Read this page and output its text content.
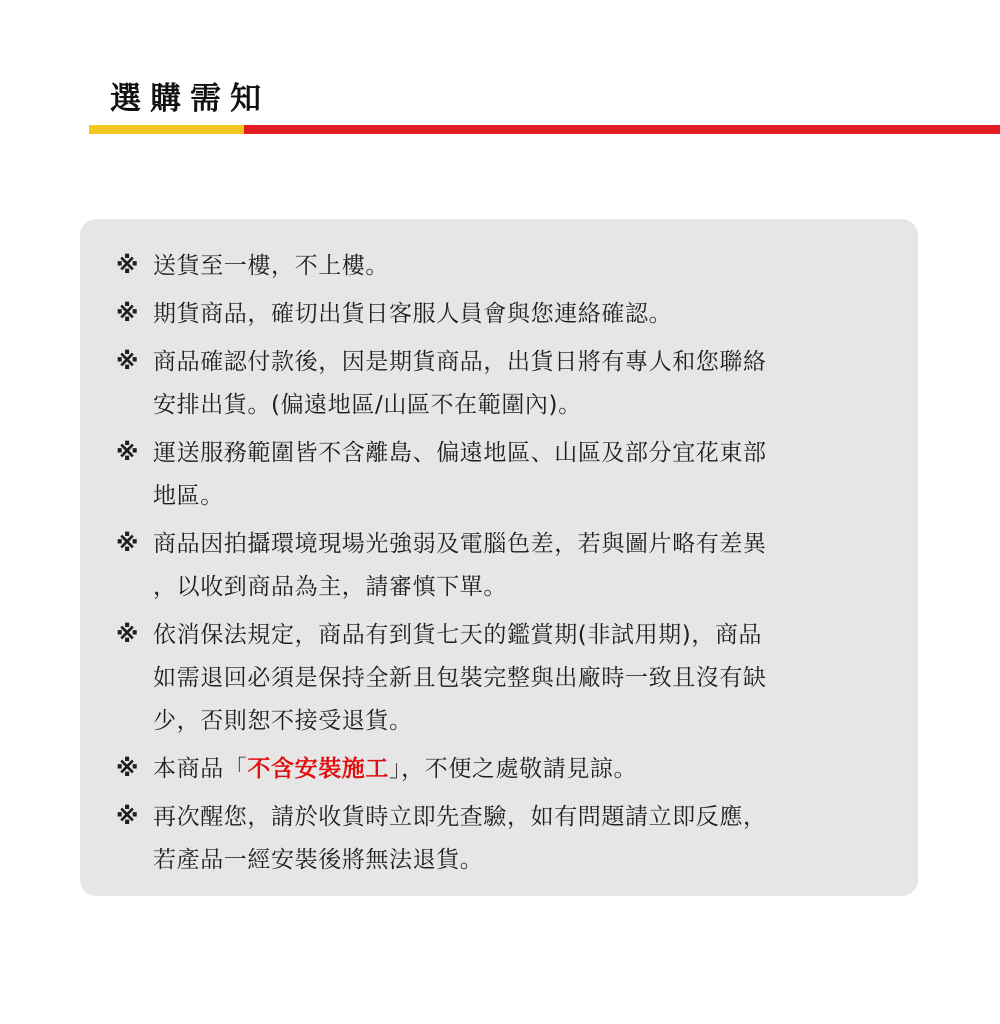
選購需知
※ 送貨至一樓，不上樓。
※ 期貨商品，確切出貨日客服人員會與您連絡確認。
※ 商品確認付款後，因是期貨商品，出貨日將有專人和您聯絡
安排出貨。(偏遠地區/山區不在範圍內)。
※ 運送服務範圍皆不含離島、偏遠地區、山區及部分宜花東部
地區。
※ 商品因拍攝環境現場光強弱及電腦色差，若與圖片略有差異
，以收到商品為主，請審慎下單。
※ 依消保法規定，商品有到貨七天的鑑賞期(非試用期)，商品
如需退回必須是保持全新且包裝完整與出廠時一致且沒有缺
少，否則恕不接受退貨。
※ 本商品「不含安裝施工」，不便之處敬請見諒。
※ 再次醒您，請於收貨時立即先查驗，如有問題請立即反應，
若產品一經安裝後將無法退貨。
